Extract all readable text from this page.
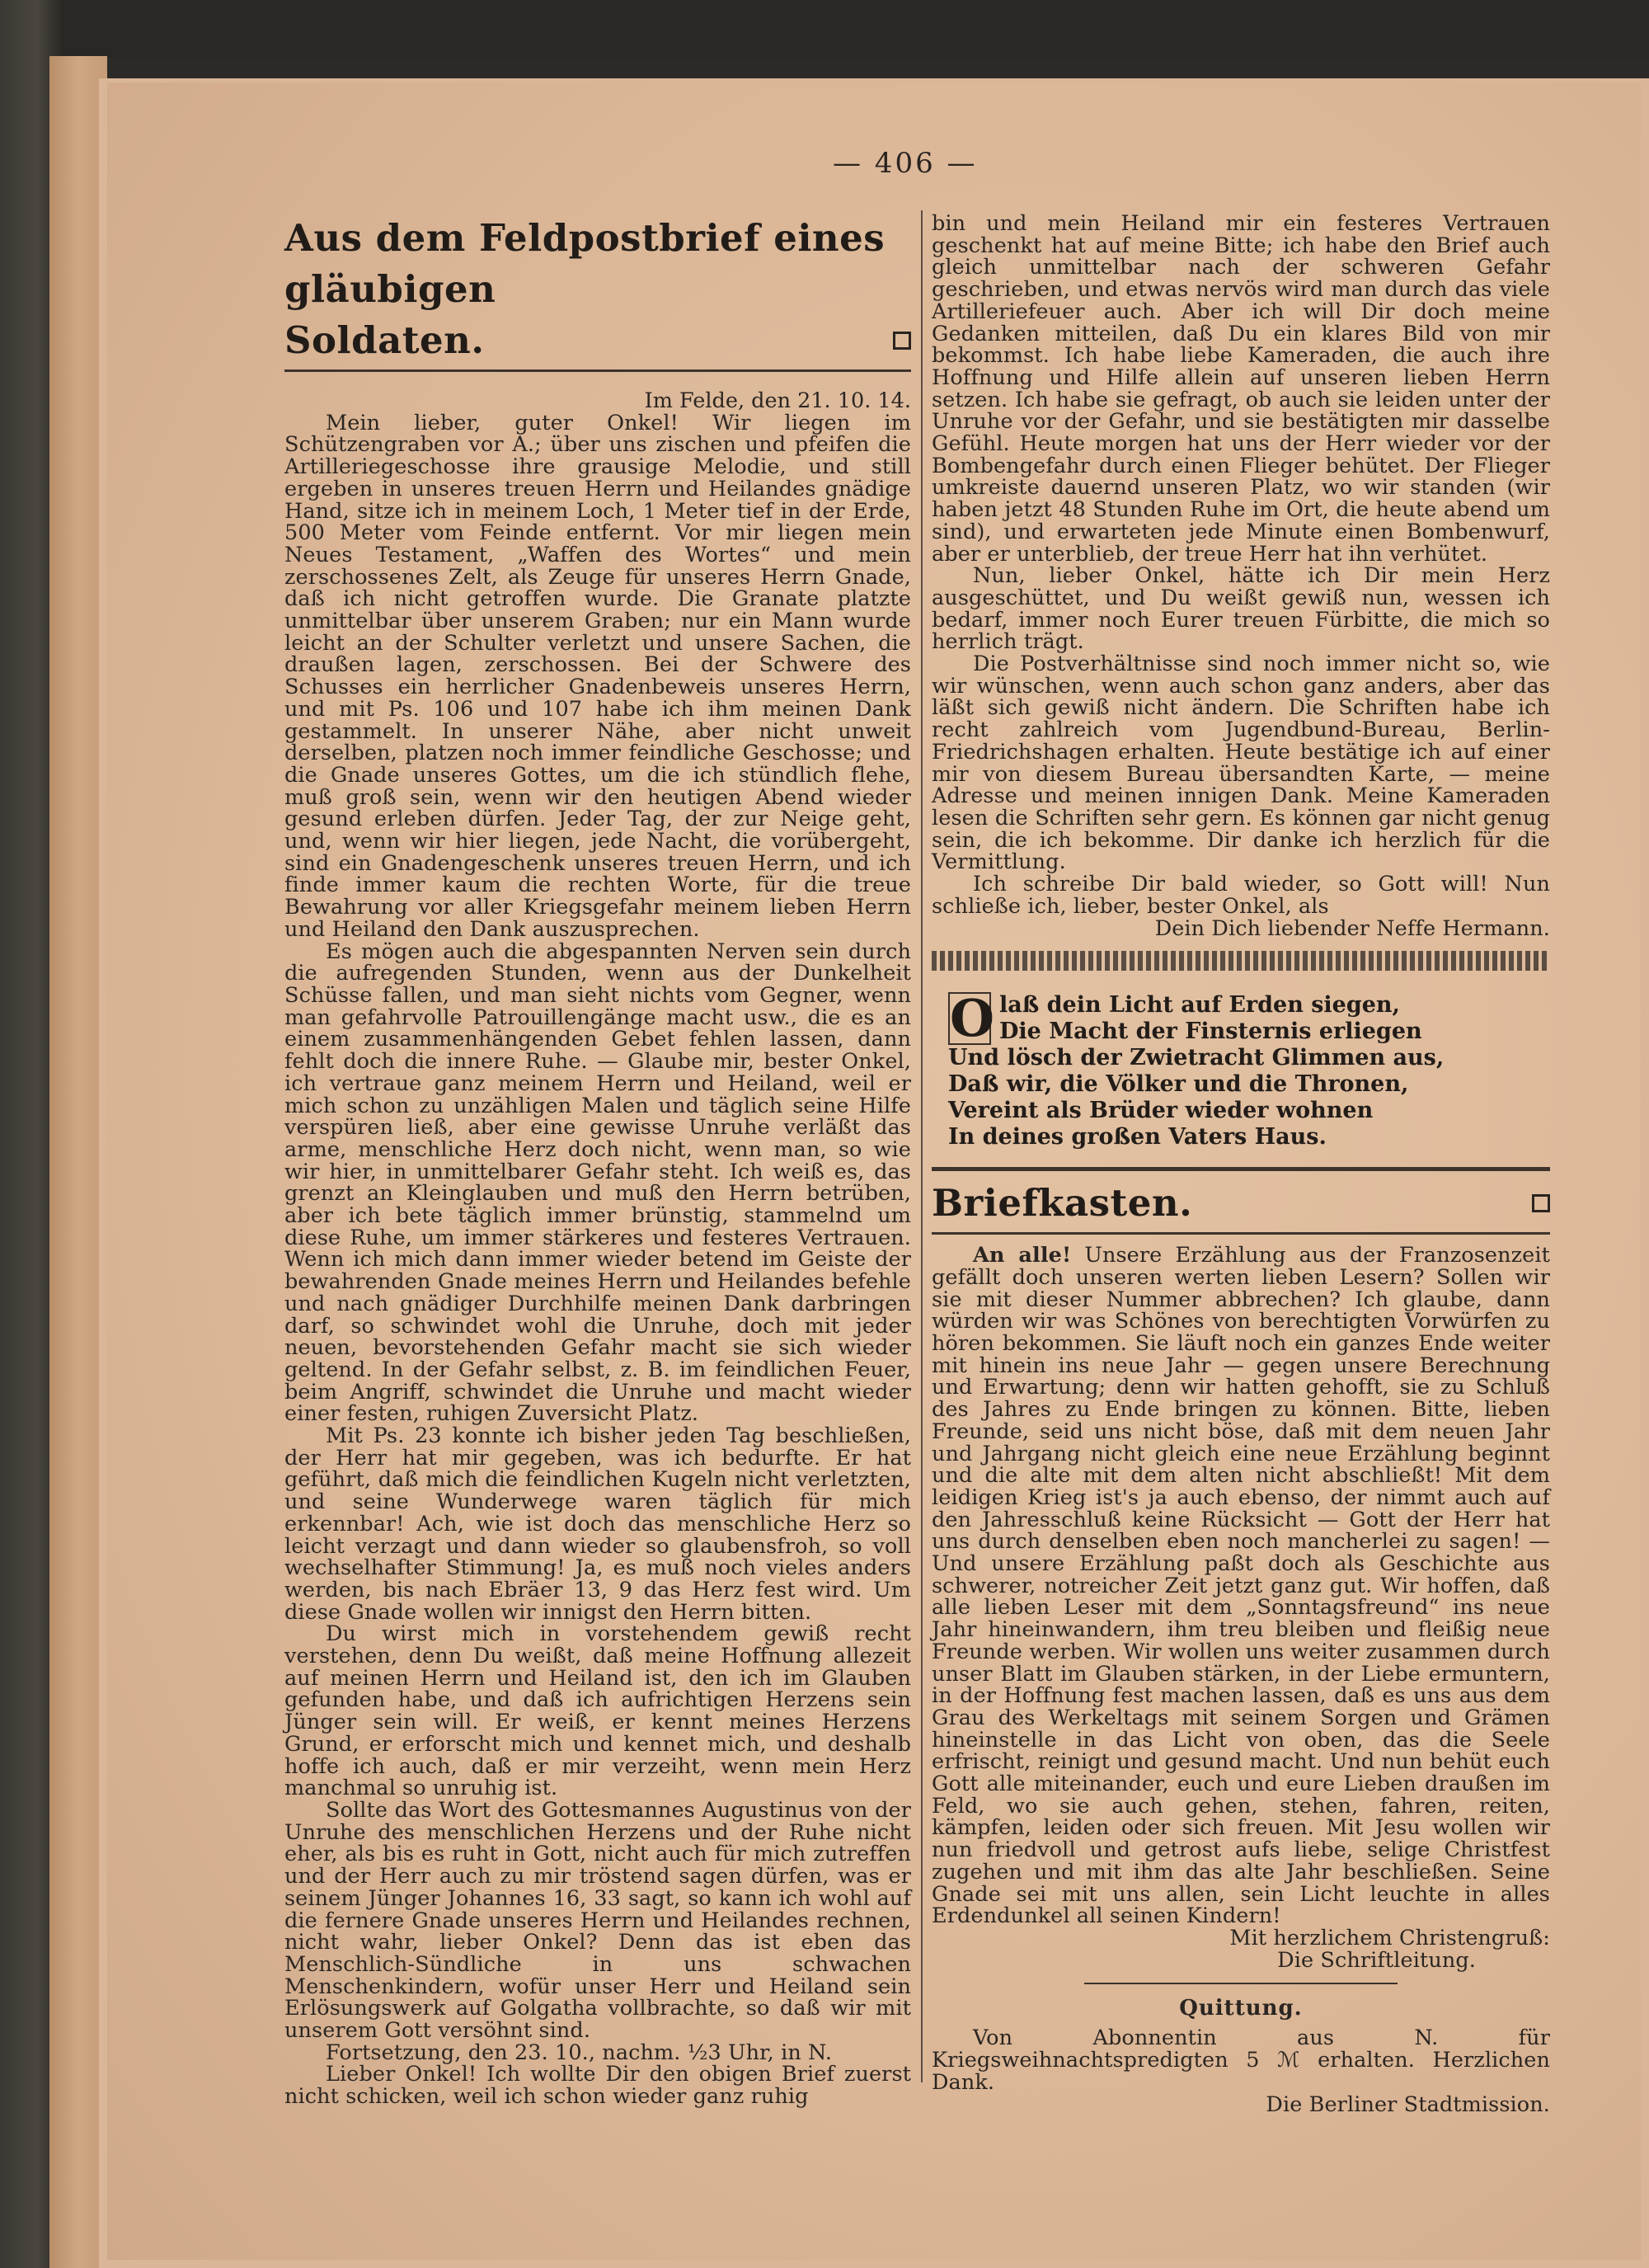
— 406 —
Aus dem Feldpostbrief eines gläubigen
Soldaten.
Im Felde, den 21. 10. 14.

Mein lieber, guter Onkel! Wir liegen im Schützengraben vor A.; über uns zischen und pfeifen die Artilleriegeschosse ihre grausige Melodie, und still ergeben in unseres treuen Herrn und Heilandes gnädige Hand, sitze ich in meinem Loch, 1 Meter tief in der Erde, 500 Meter vom Feinde entfernt. Vor mir liegen mein Neues Testament, „Waffen des Wortes“ und mein zerschossenes Zelt, als Zeuge für unseres Herrn Gnade, daß ich nicht getroffen wurde. Die Granate platzte unmittelbar über unserem Graben; nur ein Mann wurde leicht an der Schulter verletzt und unsere Sachen, die draußen lagen, zerschossen. Bei der Schwere des Schusses ein herrlicher Gnadenbeweis unseres Herrn, und mit Ps. 106 und 107 habe ich ihm meinen Dank gestammelt. In unserer Nähe, aber nicht unweit derselben, platzen noch immer feindliche Geschosse; und die Gnade unseres Gottes, um die ich stündlich flehe, muß groß sein, wenn wir den heutigen Abend wieder gesund erleben dürfen. Jeder Tag, der zur Neige geht, und, wenn wir hier liegen, jede Nacht, die vorübergeht, sind ein Gnadengeschenk unseres treuen Herrn, und ich finde immer kaum die rechten Worte, für die treue Bewahrung vor aller Kriegsgefahr meinem lieben Herrn und Heiland den Dank auszusprechen.

Es mögen auch die abgespannten Nerven sein durch die aufregenden Stunden, wenn aus der Dunkelheit Schüsse fallen, und man sieht nichts vom Gegner, wenn man gefahrvolle Patrouillengänge macht usw., die es an einem zusammenhängenden Gebet fehlen lassen, dann fehlt doch die innere Ruhe. — Glaube mir, bester Onkel, ich vertraue ganz meinem Herrn und Heiland, weil er mich schon zu unzähligen Malen und täglich seine Hilfe verspüren ließ, aber eine gewisse Unruhe verläßt das arme, menschliche Herz doch nicht, wenn man, so wie wir hier, in unmittelbarer Gefahr steht. Ich weiß es, das grenzt an Kleinglauben und muß den Herrn betrüben, aber ich bete täglich immer brünstig, stammelnd um diese Ruhe, um immer stärkeres und festeres Vertrauen. Wenn ich mich dann immer wieder betend im Geiste der bewahrenden Gnade meines Herrn und Heilandes befehle und nach gnädiger Durchhilfe meinen Dank darbringen darf, so schwindet wohl die Unruhe, doch mit jeder neuen, bevorstehenden Gefahr macht sie sich wieder geltend. In der Gefahr selbst, z. B. im feindlichen Feuer, beim Angriff, schwindet die Unruhe und macht wieder einer festen, ruhigen Zuversicht Platz.

Mit Ps. 23 konnte ich bisher jeden Tag beschließen, der Herr hat mir gegeben, was ich bedurfte. Er hat geführt, daß mich die feindlichen Kugeln nicht verletzten, und seine Wunderwege waren täglich für mich erkennbar! Ach, wie ist doch das menschliche Herz so leicht verzagt und dann wieder so glaubensfroh, so voll wechselhafter Stimmung! Ja, es muß noch vieles anders werden, bis nach Ebräer 13, 9 das Herz fest wird. Um diese Gnade wollen wir innigst den Herrn bitten.

Du wirst mich in vorstehendem gewiß recht verstehen, denn Du weißt, daß meine Hoffnung allezeit auf meinen Herrn und Heiland ist, den ich im Glauben gefunden habe, und daß ich aufrichtigen Herzens sein Jünger sein will. Er weiß, er kennt meines Herzens Grund, er erforscht mich und kennet mich, und deshalb hoffe ich auch, daß er mir verzeiht, wenn mein Herz manchmal so unruhig ist.

Sollte das Wort des Gottesmannes Augustinus von der Unruhe des menschlichen Herzens und der Ruhe nicht eher, als bis es ruht in Gott, nicht auch für mich zutreffen und der Herr auch zu mir tröstend sagen dürfen, was er seinem Jünger Johannes 16, 33 sagt, so kann ich wohl auf die fernere Gnade unseres Herrn und Heilandes rechnen, nicht wahr, lieber Onkel? Denn das ist eben das Menschlich-Sündliche in uns schwachen Menschenkindern, wofür unser Herr und Heiland sein Erlösungswerk auf Golgatha vollbrachte, so daß wir mit unserem Gott versöhnt sind.

Fortsetzung, den 23. 10., nachm. ½3 Uhr, in N.

Lieber Onkel! Ich wollte Dir den obigen Brief zuerst nicht schicken, weil ich schon wieder ganz ruhig

bin und mein Heiland mir ein festeres Vertrauen geschenkt hat auf meine Bitte; ich habe den Brief auch gleich unmittelbar nach der schweren Gefahr geschrieben, und etwas nervös wird man durch das viele Artilleriefeuer auch. Aber ich will Dir doch meine Gedanken mitteilen, daß Du ein klares Bild von mir bekommst. Ich habe liebe Kameraden, die auch ihre Hoffnung und Hilfe allein auf unseren lieben Herrn setzen. Ich habe sie gefragt, ob auch sie leiden unter der Unruhe vor der Gefahr, und sie bestätigten mir dasselbe Gefühl. Heute morgen hat uns der Herr wieder vor der Bombengefahr durch einen Flieger behütet. Der Flieger umkreiste dauernd unseren Platz, wo wir standen (wir haben jetzt 48 Stunden Ruhe im Ort, die heute abend um sind), und erwarteten jede Minute einen Bombenwurf, aber er unterblieb, der treue Herr hat ihn verhütet.

Nun, lieber Onkel, hätte ich Dir mein Herz ausgeschüttet, und Du weißt gewiß nun, wessen ich bedarf, immer noch Eurer treuen Fürbitte, die mich so herrlich trägt.

Die Postverhältnisse sind noch immer nicht so, wie wir wünschen, wenn auch schon ganz anders, aber das läßt sich gewiß nicht ändern. Die Schriften habe ich recht zahlreich vom Jugendbund-Bureau, Berlin-Friedrichshagen erhalten. Heute bestätige ich auf einer mir von diesem Bureau übersandten Karte, — meine Adresse und meinen innigen Dank. Meine Kameraden lesen die Schriften sehr gern. Es können gar nicht genug sein, die ich bekomme. Dir danke ich herzlich für die Vermittlung.

Ich schreibe Dir bald wieder, so Gott will! Nun schließe ich, lieber, bester Onkel, als

Dein Dich liebender Neffe Hermann.

O laß dein Licht auf Erden siegen,
Die Macht der Finsternis erliegen
Und lösch der Zwietracht Glimmen aus,
Daß wir, die Völker und die Thronen,
Vereint als Brüder wieder wohnen
In deines großen Vaters Haus.
Briefkasten.

An alle! Unsere Erzählung aus der Franzosenzeit gefällt doch unseren werten lieben Lesern? Sollen wir sie mit dieser Nummer abbrechen? Ich glaube, dann würden wir was Schönes von berechtigten Vorwürfen zu hören bekommen. Sie läuft noch ein ganzes Ende weiter mit hinein ins neue Jahr — gegen unsere Berechnung und Erwartung; denn wir hatten gehofft, sie zu Schluß des Jahres zu Ende bringen zu können. Bitte, lieben Freunde, seid uns nicht böse, daß mit dem neuen Jahr und Jahrgang nicht gleich eine neue Erzählung beginnt und die alte mit dem alten nicht abschließt! Mit dem leidigen Krieg ist's ja auch ebenso, der nimmt auch auf den Jahresschluß keine Rücksicht — Gott der Herr hat uns durch denselben eben noch mancherlei zu sagen! — Und unsere Erzählung paßt doch als Geschichte aus schwerer, notreicher Zeit jetzt ganz gut. Wir hoffen, daß alle lieben Leser mit dem „Sonntagsfreund“ ins neue Jahr hineinwandern, ihm treu bleiben und fleißig neue Freunde werben. Wir wollen uns weiter zusammen durch unser Blatt im Glauben stärken, in der Liebe ermuntern, in der Hoffnung fest machen lassen, daß es uns aus dem Grau des Werkeltags mit seinem Sorgen und Grämen hineinstelle in das Licht von oben, das die Seele erfrischt, reinigt und gesund macht. Und nun behüt euch Gott alle miteinander, euch und eure Lieben draußen im Feld, wo sie auch gehen, stehen, fahren, reiten, kämpfen, leiden oder sich freuen. Mit Jesu wollen wir nun friedvoll und getrost aufs liebe, selige Christfest zugehen und mit ihm das alte Jahr beschließen. Seine Gnade sei mit uns allen, sein Licht leuchte in alles Erdendunkel all seinen Kindern!

Mit herzlichem Christengruß:

Die Schriftleitung.

Quittung.

Von Abonnentin aus N. für Kriegsweihnachtspredigten 5 ℳ erhalten. Herzlichen Dank.

Die Berliner Stadtmission.
